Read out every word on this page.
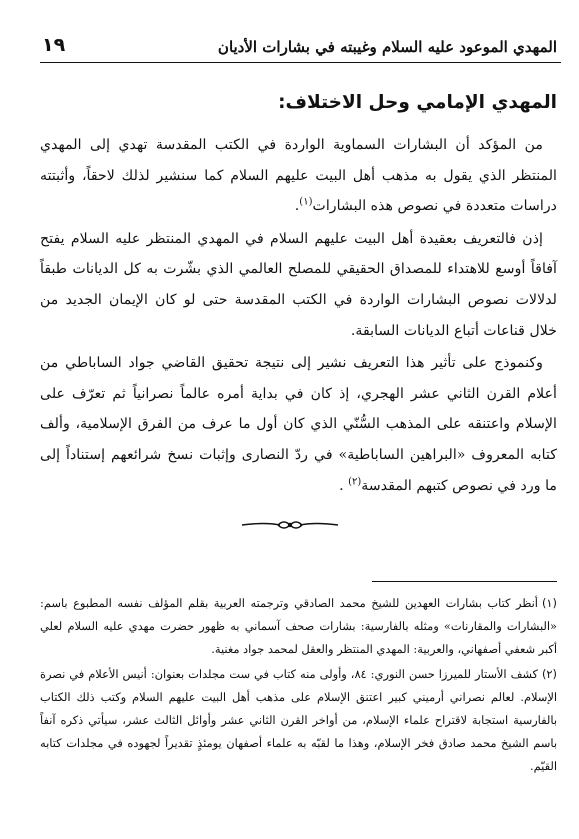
المهدي الموعود عليه السلام وغيبته في بشارات الأديان
١٩
المهدي الإمامي وحل الاختلاف:

من المؤكد أن البشارات السماوية الواردة في الكتب المقدسة تهدي إلى المهدي المنتظر الذي يقول به مذهب أهل البيت عليهم السلام كما سنشير لذلك لاحقاً، وأثبتته دراسات متعددة في نصوص هذه البشارات$^{(١)}$.

إذن فالتعريف بعقيدة أهل البيت عليهم السلام في المهدي المنتظر عليه السلام يفتح آفاقاً أوسع للاهتداء للمصداق الحقيقي للمصلح العالمي الذي بشّرت به كل الديانات طبقاً لدلالات نصوص البشارات الواردة في الكتب المقدسة حتى لو كان الإيمان الجديد من خلال قناعات أتباع الديانات السابقة.

وكنموذج على تأثير هذا التعريف نشير إلى نتيجة تحقيق القاضي جواد الساباطي من أعلام القرن الثاني عشر الهجري، إذ كان في بداية أمره عالماً نصرانياً ثم تعرّف على الإسلام واعتنقه على المذهب السُّنّي الذي كان أول ما عرف من الفرق الإسلامية، وألف كتابه المعروف «البراهين الساباطية» في ردّ النصارى وإثبات نسخ شرائعهم إستناداً إلى ما ورد في نصوص كتبهم المقدسة$^{(٢)}$ .

(١)أنظر كتاب بشارات العهدين للشيخ محمد الصادقي وترجمته العربية بقلم المؤلف نفسه المطبوع باسم: «البشارات والمقارنات» ومثله بالفارسية: بشارات صحف آسماني به ظهور حضرت مهدي عليه السلام لعلي أكبر شعفي أصفهاني، والعربية: المهدي المنتظر والعقل لمحمد جواد مغنية.

(٢)كشف الأستار للميرزا حسن النوري: ٨٤، وأولى منه كتاب في ست مجلدات بعنوان: أنيس الأعلام في نصرة الإسلام. لعالم نصراني أرميني كبير اعتنق الإسلام على مذهب أهل البيت عليهم السلام وكتب ذلك الكتاب بالفارسية استجابة لاقتراح علماء الإسلام، من أواخر القرن الثاني عشر وأوائل الثالث عشر، سيأتي ذكره آنفاً باسم الشيخ محمد صادق فخر الإسلام، وهذا ما لقبّه به علماء أصفهان يومئذٍ تقديراً لجهوده في مجلدات كتابه القيّم.
